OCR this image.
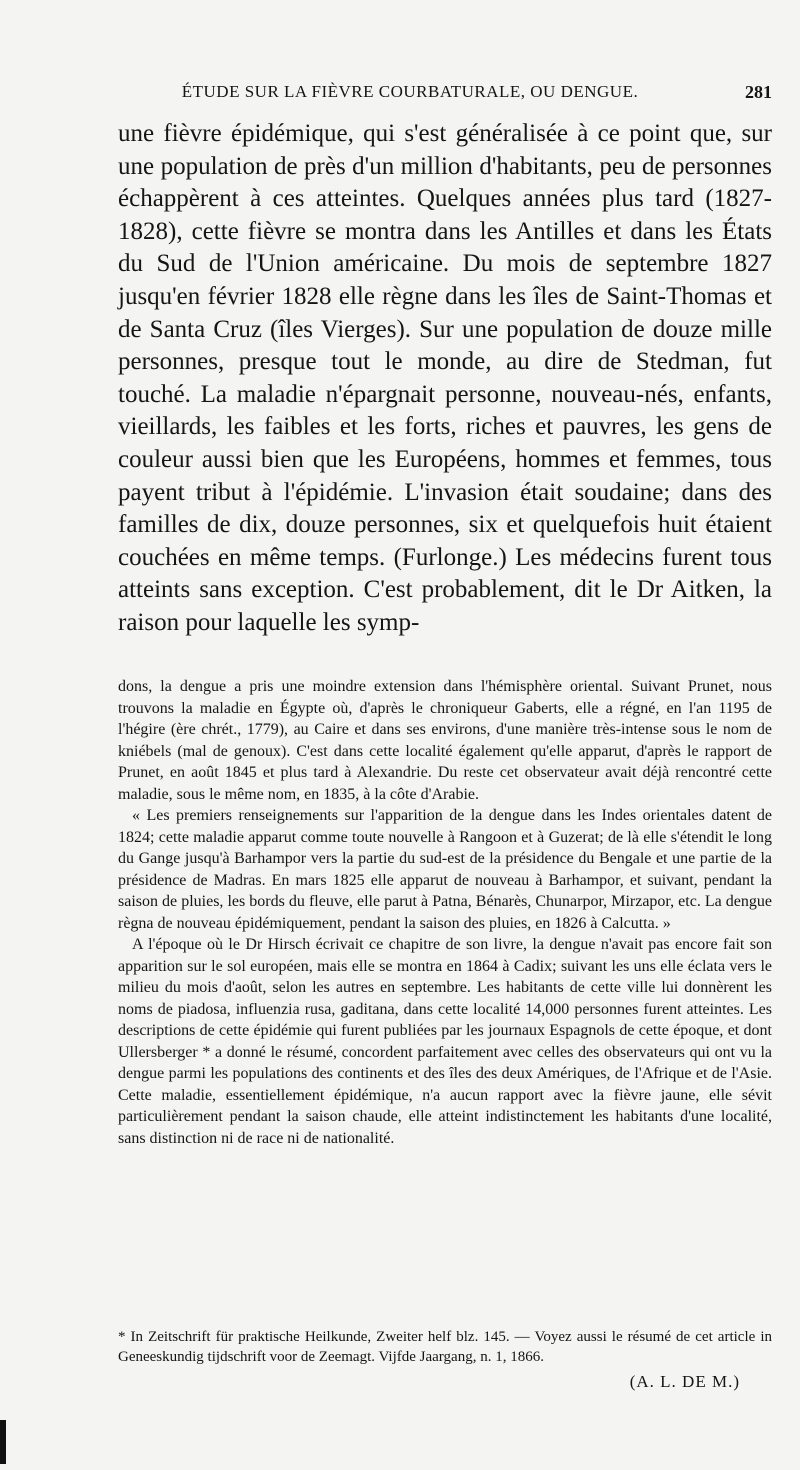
ÉTUDE SUR LA FIÈVRE COURBATURALE, OU DENGUE.	281

une fièvre épidémique, qui s'est généralisée à ce point que, sur une population de près d'un million d'habitants, peu de personnes échappèrent à ces atteintes. Quelques années plus tard (1827-1828), cette fièvre se montra dans les Antilles et dans les États du Sud de l'Union américaine. Du mois de septembre 1827 jusqu'en février 1828 elle règne dans les îles de Saint-Thomas et de Santa Cruz (îles Vierges). Sur une population de douze mille personnes, presque tout le monde, au dire de Stedman, fut touché. La maladie n'épargnait personne, nouveau-nés, enfants, vieillards, les faibles et les forts, riches et pauvres, les gens de couleur aussi bien que les Européens, hommes et femmes, tous payent tribut à l'épidémie. L'invasion était soudaine; dans des familles de dix, douze personnes, six et quelquefois huit étaient couchées en même temps. (Furlonge.) Les médecins furent tous atteints sans exception. C'est probablement, dit le Dr Aitken, la raison pour laquelle les symp-

dons, la dengue a pris une moindre extension dans l'hémisphère oriental. Suivant Prunet, nous trouvons la maladie en Égypte où, d'après le chroniqueur Gaberts, elle a régné, en l'an 1195 de l'hégire (ère chrét., 1779), au Caire et dans ses environs, d'une manière très-intense sous le nom de kniébels (mal de genoux). C'est dans cette localité également qu'elle apparut, d'après le rapport de Prunet, en août 1845 et plus tard à Alexandrie. Du reste cet observateur avait déjà rencontré cette maladie, sous le même nom, en 1835, à la côte d'Arabie.

« Les premiers renseignements sur l'apparition de la dengue dans les Indes orientales datent de 1824; cette maladie apparut comme toute nouvelle à Rangoon et à Guzerat; de là elle s'étendit le long du Gange jusqu'à Barhampor vers la partie du sud-est de la présidence du Bengale et une partie de la présidence de Madras. En mars 1825 elle apparut de nouveau à Barhampor, et suivant, pendant la saison de pluies, les bords du fleuve, elle parut à Patna, Bénarès, Chunarpor, Mirzapor, etc. La dengue règna de nouveau épidémiquement, pendant la saison des pluies, en 1826 à Calcutta. »

A l'époque où le Dr Hirsch écrivait ce chapitre de son livre, la dengue n'avait pas encore fait son apparition sur le sol européen, mais elle se montra en 1864 à Cadix; suivant les uns elle éclata vers le milieu du mois d'août, selon les autres en septembre. Les habitants de cette ville lui donnèrent les noms de piadosa, influenzia rusa, gaditana, dans cette localité 14,000 personnes furent atteintes. Les descriptions de cette épidémie qui furent publiées par les journaux Espagnols de cette époque, et dont Ullersberger * a donné le résumé, concordent parfaitement avec celles des observateurs qui ont vu la dengue parmi les populations des continents et des îles des deux Amériques, de l'Afrique et de l'Asie. Cette maladie, essentiellement épidémique, n'a aucun rapport avec la fièvre jaune, elle sévit particulièrement pendant la saison chaude, elle atteint indistinctement les habitants d'une localité, sans distinction ni de race ni de nationalité.

* In Zeitschrift für praktische Heilkunde, Zweiter helf blz. 145. — Voyez aussi le résumé de cet article in Geneeskundig tijdschrift voor de Zeemagt. Vijfde Jaargang, n. 1, 1866.

(A. L. DE M.)
